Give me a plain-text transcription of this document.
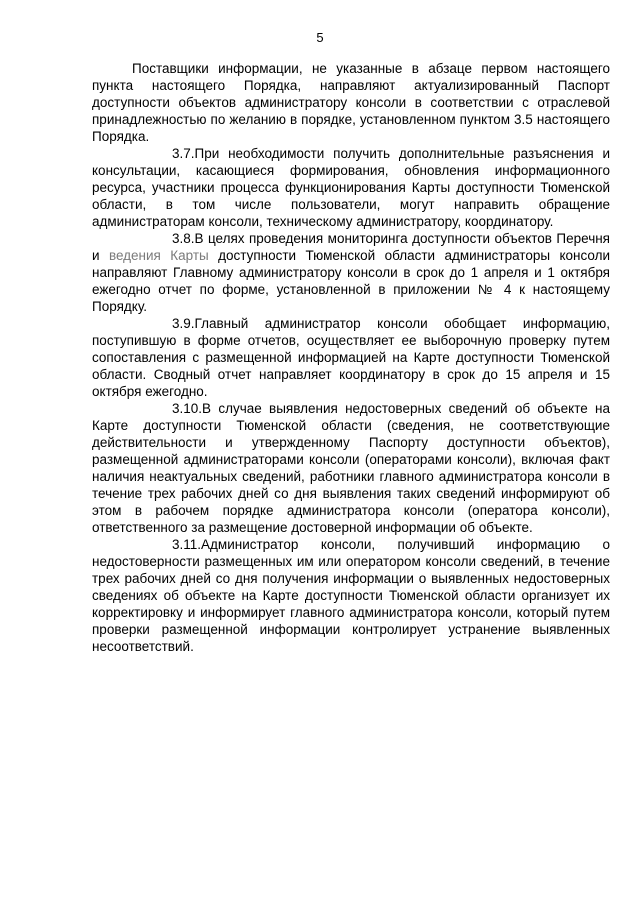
5

Поставщики информации, не указанные в абзаце первом настоящего пункта настоящего Порядка, направляют актуализированный Паспорт доступности объектов администратору консоли в соответствии с отраслевой принадлежностью по желанию в порядке, установленном пунктом 3.5 настоящего Порядка.

3.7.При необходимости получить дополнительные разъяснения и консультации, касающиеся формирования, обновления информационного ресурса, участники процесса функционирования Карты доступности Тюменской области, в том числе пользователи, могут направить обращение администраторам консоли, техническому администратору, координатору.

3.8.В целях проведения мониторинга доступности объектов Перечня и ведения Карты доступности Тюменской области администраторы консоли направляют Главному администратору консоли в срок до 1 апреля и 1 октября ежегодно отчет по форме, установленной в приложении № 4 к настоящему Порядку.

3.9.Главный администратор консоли обобщает информацию, поступившую в форме отчетов, осуществляет ее выборочную проверку путем сопоставления с размещенной информацией на Карте доступности Тюменской области. Сводный отчет направляет координатору в срок до 15 апреля и 15 октября ежегодно.

3.10.В случае выявления недостоверных сведений об объекте на Карте доступности Тюменской области (сведения, не соответствующие действительности и утвержденному Паспорту доступности объектов), размещенной администраторами консоли (операторами консоли), включая факт наличия неактуальных сведений, работники главного администратора консоли в течение трех рабочих дней со дня выявления таких сведений информируют об этом в рабочем порядке администратора консоли (оператора консоли), ответственного за размещение достоверной информации об объекте.

3.11.Администратор консоли, получивший информацию о недостоверности размещенных им или оператором консоли сведений, в течение трех рабочих дней со дня получения информации о выявленных недостоверных сведениях об объекте на Карте доступности Тюменской области организует их корректировку и информирует главного администратора консоли, который путем проверки размещенной информации контролирует устранение выявленных несоответствий.
